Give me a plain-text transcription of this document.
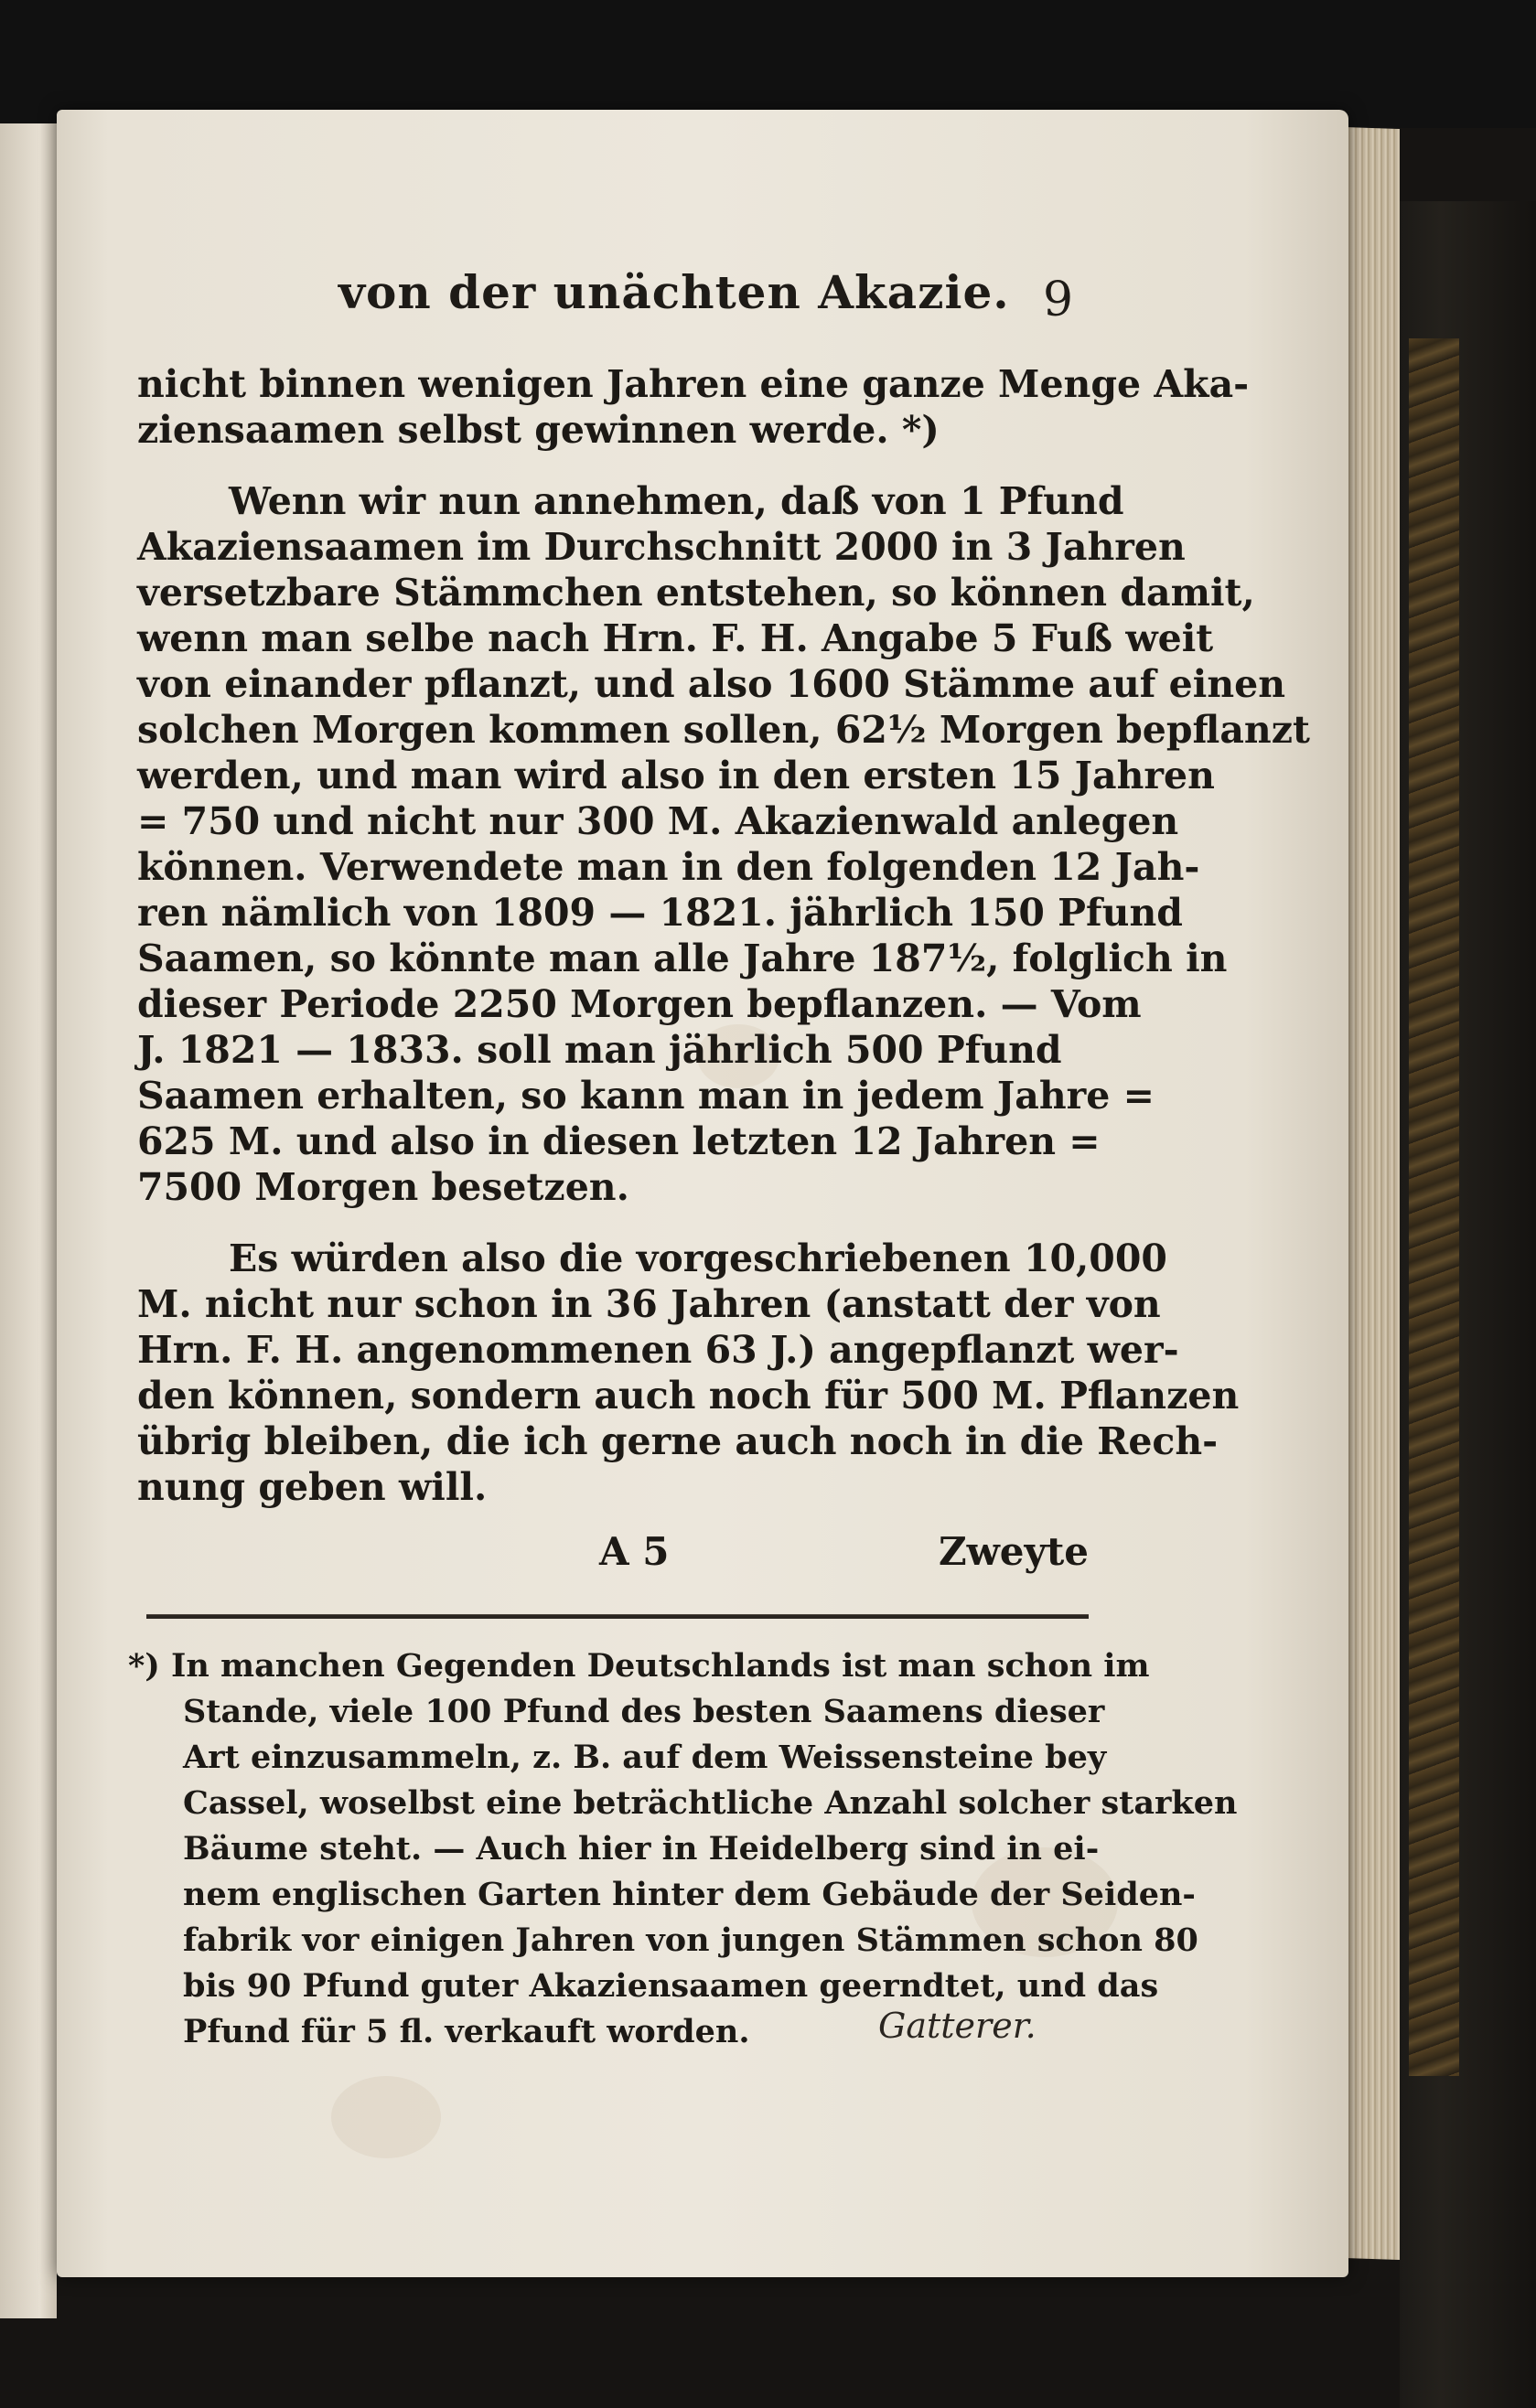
von der unächten Akazie. 9
nicht binnen wenigen Jahren eine ganze Menge Aka-
ziensaamen selbst gewinnen werde. *)
Wenn wir nun annehmen, daß von 1 Pfund
Akaziensaamen im Durchschnitt 2000 in 3 Jahren
versetzbare Stämmchen entstehen, so können damit,
wenn man selbe nach Hrn. F. H. Angabe 5 Fuß weit
von einander pflanzt, und also 1600 Stämme auf einen
solchen Morgen kommen sollen, 62½ Morgen bepflanzt
werden, und man wird also in den ersten 15 Jahren
= 750 und nicht nur 300 M. Akazienwald anlegen
können. Verwendete man in den folgenden 12 Jah-
ren nämlich von 1809 — 1821. jährlich 150 Pfund
Saamen, so könnte man alle Jahre 187½, folglich in
dieser Periode 2250 Morgen bepflanzen. — Vom
J. 1821 — 1833. soll man jährlich 500 Pfund
Saamen erhalten, so kann man in jedem Jahre =
625 M. und also in diesen letzten 12 Jahren =
7500 Morgen besetzen.
Es würden also die vorgeschriebenen 10,000
M. nicht nur schon in 36 Jahren (anstatt der von
Hrn. F. H. angenommenen 63 J.) angepflanzt wer-
den können, sondern auch noch für 500 M. Pflanzen
übrig bleiben, die ich gerne auch noch in die Rech-
nung geben will.
A 5	Zweyte
*) In manchen Gegenden Deutschlands ist man schon im
Stande, viele 100 Pfund des besten Saamens dieser
Art einzusammeln, z. B. auf dem Weissensteine bey
Cassel, woselbst eine beträchtliche Anzahl solcher starken
Bäume steht. — Auch hier in Heidelberg sind in ei-
nem englischen Garten hinter dem Gebäude der Seiden-
fabrik vor einigen Jahren von jungen Stämmen schon 80
bis 90 Pfund guter Akaziensaamen geerndtet, und das
Pfund für 5 fl. verkauft worden.	Gatterer.
